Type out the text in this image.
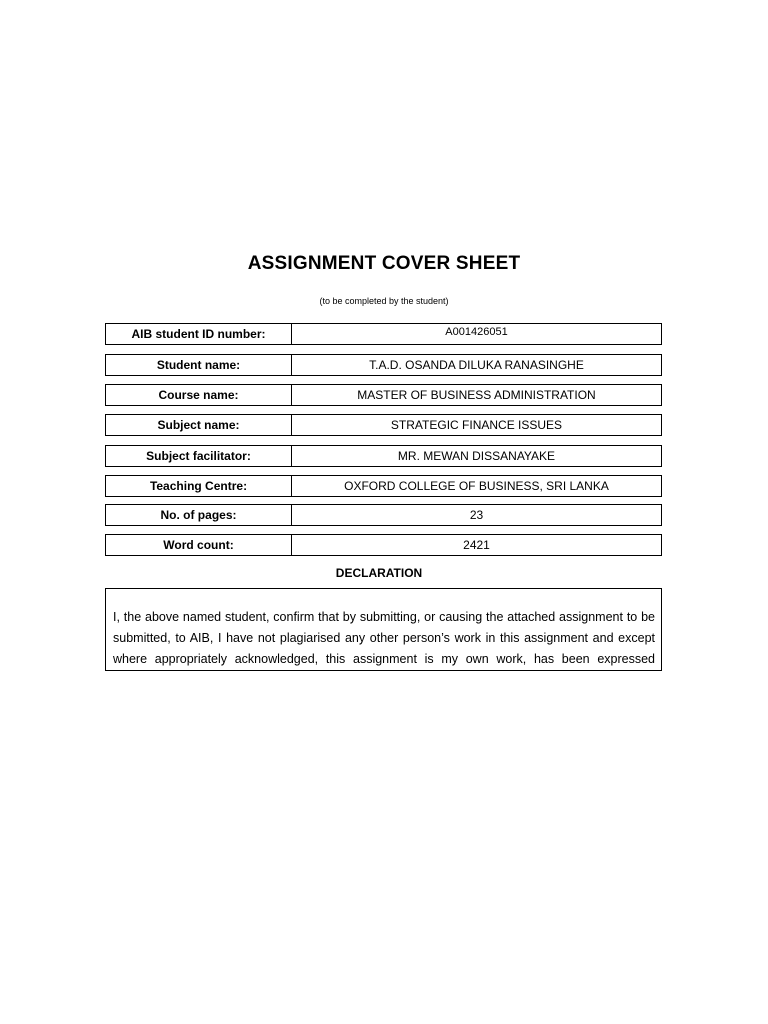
ASSIGNMENT COVER SHEET
(to be completed by the student)
AIB student ID number:	A001426051
Student name:	T.A.D. OSANDA DILUKA RANASINGHE
Course name:	MASTER OF BUSINESS ADMINISTRATION
Subject name:	STRATEGIC FINANCE ISSUES
Subject facilitator:	MR. MEWAN DISSANAYAKE
Teaching Centre:	OXFORD COLLEGE OF BUSINESS, SRI LANKA
No. of pages:	23
Word count:	2421
DECLARATION
I, the above named student, confirm that by submitting, or causing the attached assignment to be submitted, to AIB, I have not plagiarised any other person’s work in this assignment and except where appropriately acknowledged, this assignment is my own work, has been expressed
